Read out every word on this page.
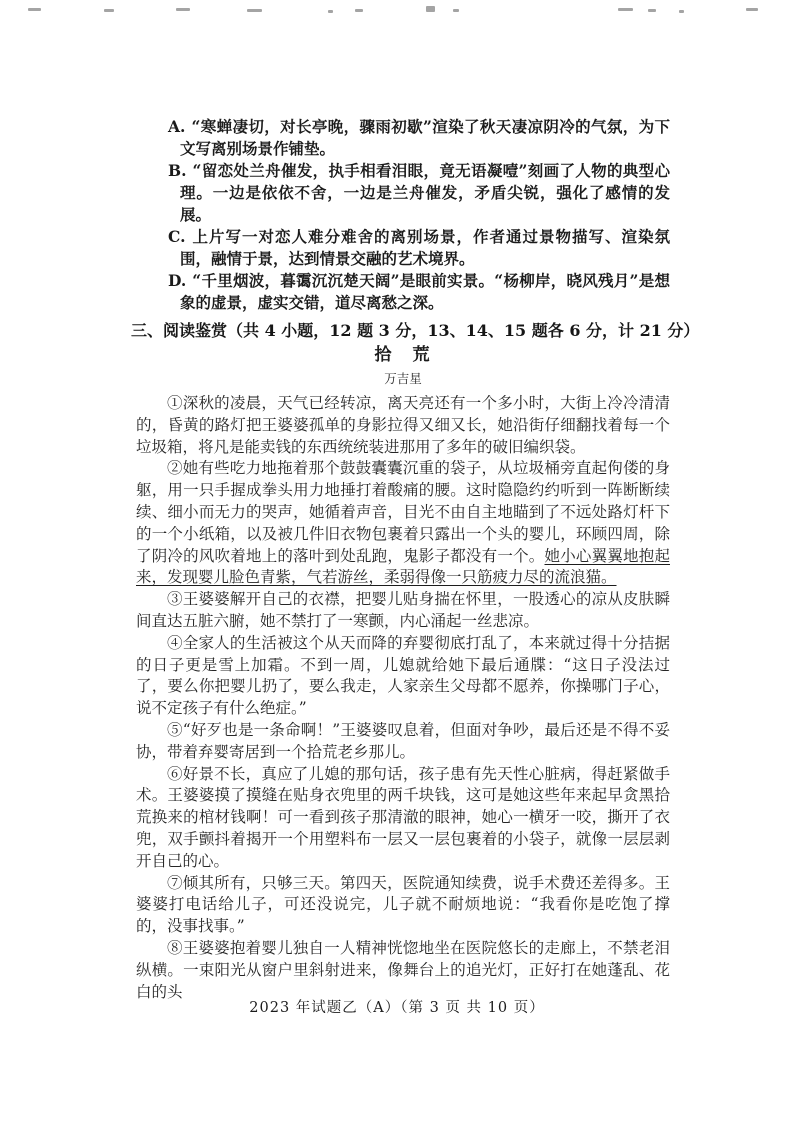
A. “寒蝉凄切，对长亭晚，骤雨初歇”渲染了秋天凄凉阴冷的气氛，为下文写离别场景作铺垫。
B. “留恋处兰舟催发，执手相看泪眼，竟无语凝噎”刻画了人物的典型心理。一边是依依不舍，一边是兰舟催发，矛盾尖锐，强化了感情的发展。
C. 上片写一对恋人难分难舍的离别场景，作者通过景物描写、渲染氛围，融情于景，达到情景交融的艺术境界。
D. “千里烟波，暮霭沉沉楚天阔”是眼前实景。“杨柳岸，晓风残月”是想象的虚景，虚实交错，道尽离愁之深。
三、阅读鉴赏（共 4 小题，12 题 3 分，13、14、15 题各 6 分，计 21 分）
拾　荒
万吉星

①深秋的凌晨，天气已经转凉，离天亮还有一个多小时，大街上冷冷清清的，昏黄的路灯把王婆婆孤单的身影拉得又细又长，她沿街仔细翻找着每一个垃圾箱，将凡是能卖钱的东西统统装进那用了多年的破旧编织袋。

②她有些吃力地拖着那个鼓鼓囊囊沉重的袋子，从垃圾桶旁直起佝偻的身躯，用一只手握成拳头用力地捶打着酸痛的腰。这时隐隐约约听到一阵断断续续、细小而无力的哭声，她循着声音，目光不由自主地瞄到了不远处路灯杆下的一个小纸箱，以及被几件旧衣物包裹着只露出一个头的婴儿，环顾四周，除了阴冷的风吹着地上的落叶到处乱跑，鬼影子都没有一个。她小心翼翼地抱起来，发现婴儿脸色青紫，气若游丝，柔弱得像一只筋疲力尽的流浪猫。

③王婆婆解开自己的衣襟，把婴儿贴身揣在怀里，一股透心的凉从皮肤瞬间直达五脏六腑，她不禁打了一寒颤，内心涌起一丝悲凉。

④全家人的生活被这个从天而降的弃婴彻底打乱了，本来就过得十分拮据的日子更是雪上加霜。不到一周，儿媳就给她下最后通牒：“这日子没法过了，要么你把婴儿扔了，要么我走，人家亲生父母都不愿养，你操哪门子心，说不定孩子有什么绝症。”

⑤“好歹也是一条命啊！”王婆婆叹息着，但面对争吵，最后还是不得不妥协，带着弃婴寄居到一个拾荒老乡那儿。

⑥好景不长，真应了儿媳的那句话，孩子患有先天性心脏病，得赶紧做手术。王婆婆摸了摸缝在贴身衣兜里的两千块钱，这可是她这些年来起早贪黑拾荒换来的棺材钱啊！可一看到孩子那清澈的眼神，她心一横牙一咬，撕开了衣兜，双手颤抖着揭开一个用塑料布一层又一层包裹着的小袋子，就像一层层剥开自己的心。

⑦倾其所有，只够三天。第四天，医院通知续费，说手术费还差得多。王婆婆打电话给儿子，可还没说完，儿子就不耐烦地说：“我看你是吃饱了撑的，没事找事。”

⑧王婆婆抱着婴儿独自一人精神恍惚地坐在医院悠长的走廊上，不禁老泪纵横。一束阳光从窗户里斜射进来，像舞台上的追光灯，正好打在她蓬乱、花白的头

2023 年试题乙（A）（第 3 页 共 10 页）
